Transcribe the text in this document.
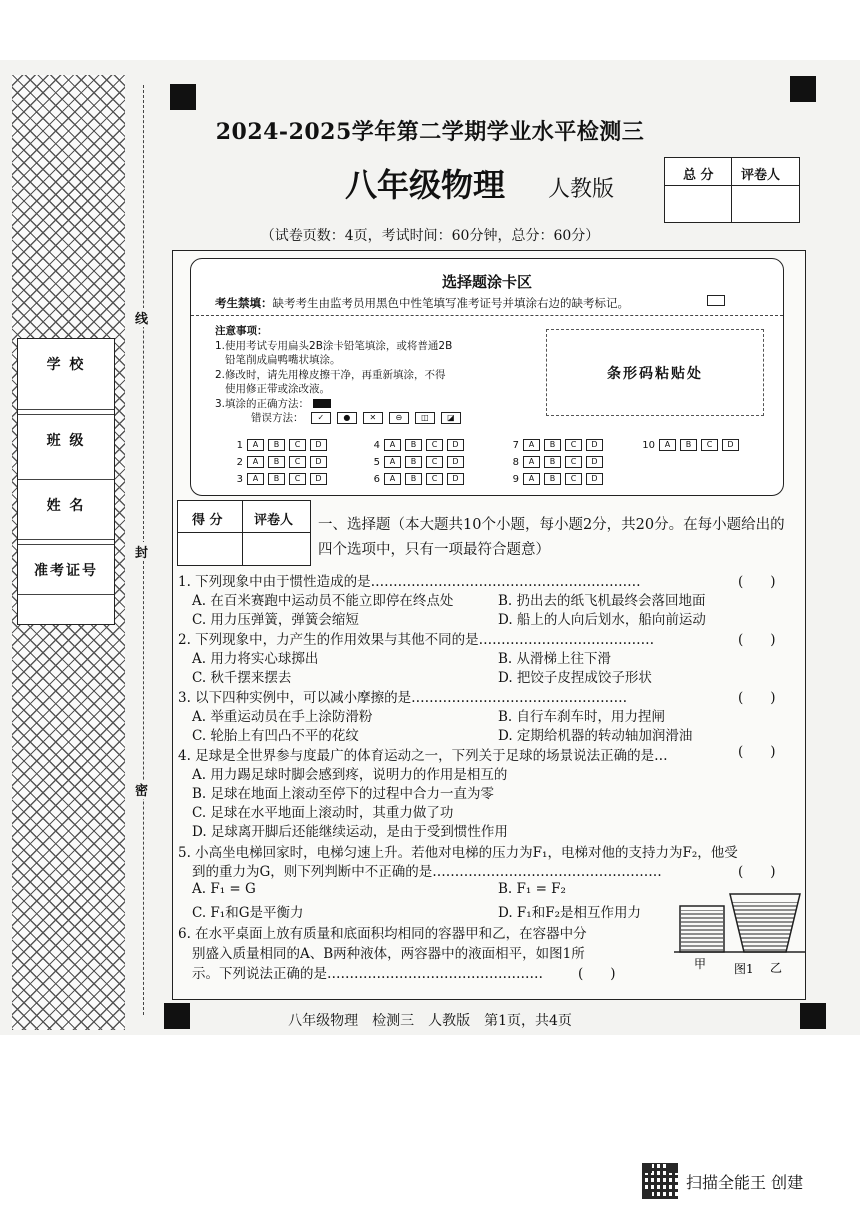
学 校
班 级
姓 名
准考证号
线
封
密
2024-2025学年第二学期学业水平检测三
八年级物理 人教版
总 分 评卷人
（试卷页数：4页，考试时间：60分钟，总分：60分）
选择题涂卡区
考生禁填：缺考考生由监考员用黑色中性笔填写准考证号并填涂右边的缺考标记。
注意事项：
1.使用考试专用扁头2B涂卡铅笔填涂，或将普通2B
铅笔削成扁鸭嘴状填涂。
2.修改时，请先用橡皮擦干净，再重新填涂，不得
使用修正带或涂改液。
3.填涂的正确方法：
错误方法：	✓	●	✕	⊖	◫	◪
条形码粘贴处
1	A	B	C	D
2	A	B	C	D
3	A	B	C	D
4	A	B	C	D
5	A	B	C	D
6	A	B	C	D
7	A	B	C	D
8	A	B	C	D
9	A	B	C	D
10	A	B	C	D
得 分 评卷人 一、选择题（本大题共10个小题，每小题2分，共20分。在每小题给出的四个选项中，只有一项最符合题意）
1. 下列现象中由于惯性造成的是……………………………………………………	(　　)
A. 在百米赛跑中运动员不能立即停在终点处	B. 扔出去的纸飞机最终会落回地面
C. 用力压弹簧，弹簧会缩短	D. 船上的人向后划水，船向前运动
2. 下列现象中，力产生的作用效果与其他不同的是…………………………………	(　　)
A. 用力将实心球掷出	B. 从滑梯上往下滑
C. 秋千摆来摆去	D. 把饺子皮捏成饺子形状
3. 以下四种实例中，可以减小摩擦的是…………………………………………	(　　)
A. 举重运动员在手上涂防滑粉	B. 自行车刹车时，用力捏闸
C. 轮胎上有凹凸不平的花纹	D. 定期给机器的转动轴加润滑油
4. 足球是全世界参与度最广的体育运动之一，下列关于足球的场景说法正确的是…	(　　)
A. 用力踢足球时脚会感到疼，说明力的作用是相互的
B. 足球在地面上滚动至停下的过程中合力一直为零
C. 足球在水平地面上滚动时，其重力做了功
D. 足球离开脚后还能继续运动，是由于受到惯性作用
5. 小高坐电梯回家时，电梯匀速上升。若他对电梯的压力为F₁，电梯对他的支持力为F₂，他受
到的重力为G，则下列判断中不正确的是……………………………………………	(　　)
A. F₁ = G	B. F₁ = F₂
C. F₁和G是平衡力	D. F₁和F₂是相互作用力
6. 在水平桌面上放有质量和底面积均相同的容器甲和乙，在容器中分
别盛入质量相同的A、B两种液体，两容器中的液面相平，如图1所
示。下列说法正确的是…………………………………………	(　　)
甲 图1 乙
八年级物理　检测三　人教版　第1页，共4页
扫描全能王 创建
